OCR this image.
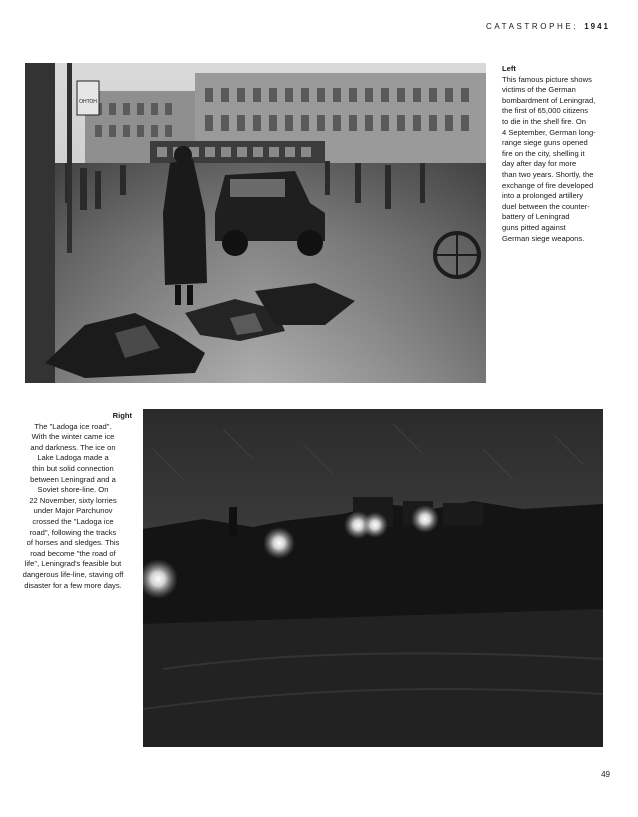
CATASTROPHE: 1941
OНТОН
Left
This famous picture shows
victims of the German
bombardment of Leningrad,
the first of 65,000 citizens
to die in the shell fire. On
4 September, German long-
range siege guns opened
fire on the city, shelling it
day after day for more
than two years. Shortly, the
exchange of fire developed
into a prolonged artillery
duel between the counter-
battery of Leningrad
guns pitted against
German siege weapons.
Right
The "Ladoga ice road".
With the winter came ice
and darkness. The ice on
Lake Ladoga made a
thin but solid connection
between Leningrad and a
Soviet shore-line. On
22 November, sixty lorries
under Major Parchunov
crossed the "Ladoga ice
road", following the tracks
of horses and sledges. This
road become "the road of
life", Leningrad's feasible but
dangerous life-line, staving off
disaster for a few more days.
49
